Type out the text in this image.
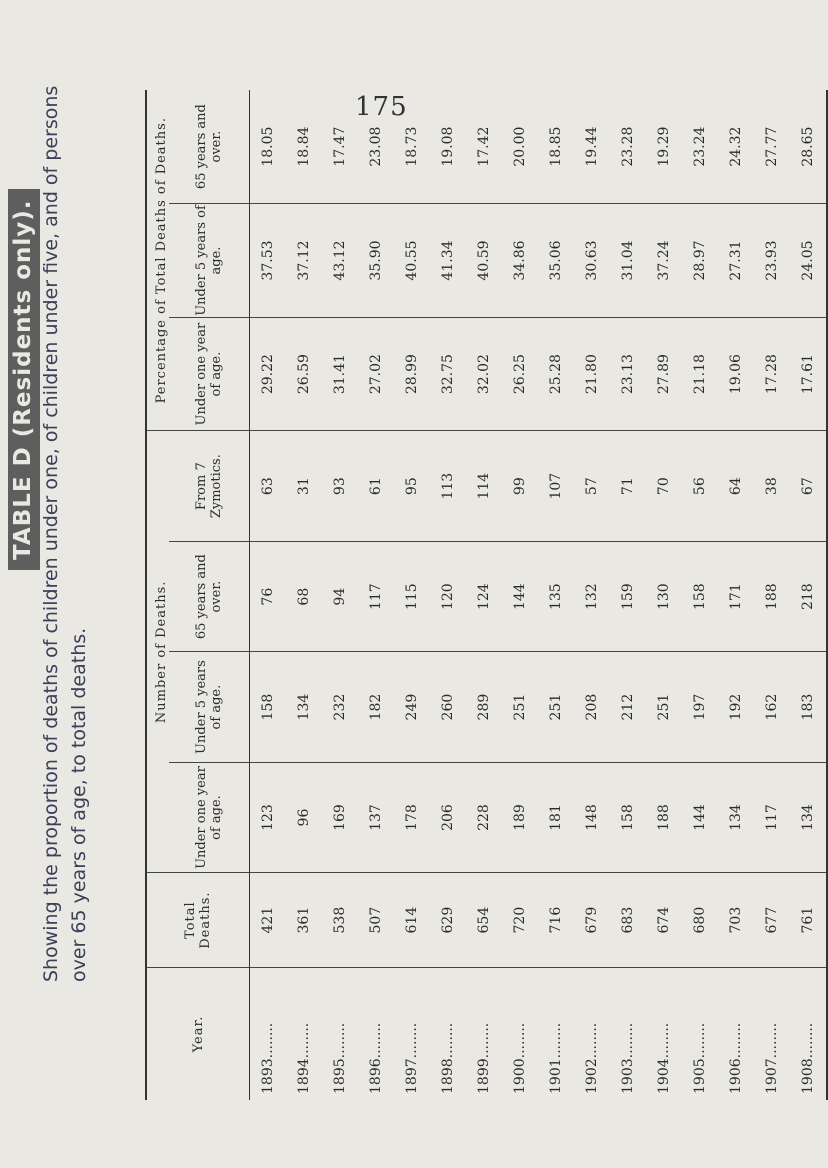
175
TABLE D (Residents only). Showing the proportion of deaths of children under one, of children under five, and of persons over 65 years of age, to total deaths.
Year.	Total Deaths.	Number of Deaths.				Percentage of Total Deaths of Deaths.		
		Under one year of age.	Under 5 years of age.	65 years and over.	From 7 Zymotics.	Under one year of age.	Under 5 years of age.	65 years and over.
1893........	421	123	158	76	63	29.22	37.53	18.05
1894........	361	96	134	68	31	26.59	37.12	18.84
1895........	538	169	232	94	93	31.41	43.12	17.47
1896........	507	137	182	117	61	27.02	35.90	23.08
1897........	614	178	249	115	95	28.99	40.55	18.73
1898........	629	206	260	120	113	32.75	41.34	19.08
1899........	654	228	289	124	114	32.02	40.59	17.42
1900........	720	189	251	144	99	26.25	34.86	20.00
1901........	716	181	251	135	107	25.28	35.06	18.85
1902........	679	148	208	132	57	21.80	30.63	19.44
1903........	683	158	212	159	71	23.13	31.04	23.28
1904........	674	188	251	130	70	27.89	37.24	19.29
1905........	680	144	197	158	56	21.18	28.97	23.24
1906........	703	134	192	171	64	19.06	27.31	24.32
1907........	677	117	162	188	38	17.28	23.93	27.77
1908........	761	134	183	218	67	17.61	24.05	28.65
